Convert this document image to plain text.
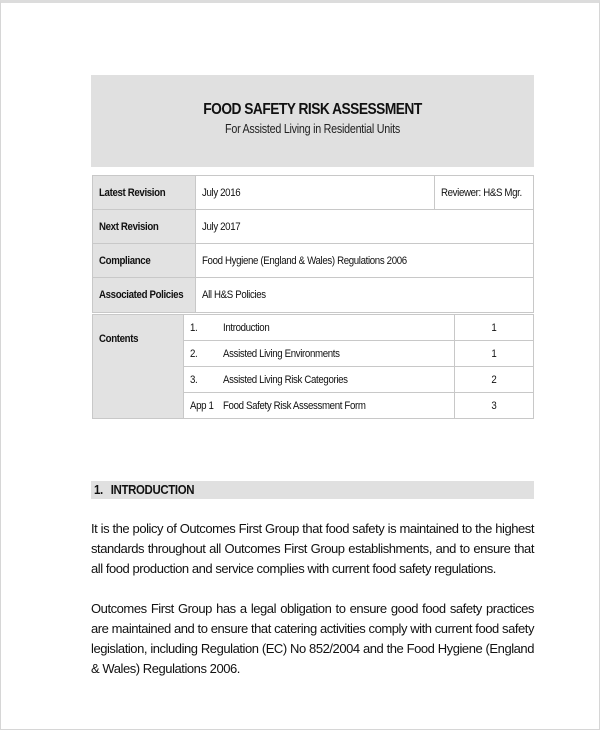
FOOD SAFETY RISK ASSESSMENT
For Assisted Living in Residential Units
Latest Revision	July 2016	Reviewer: H&S Mgr.
Next Revision	July 2017	
Compliance	Food Hygiene (England & Wales) Regulations 2006	
Associated Policies	All H&S Policies	
Contents	1.	Introduction	1
	2.	Assisted Living Environments	1
	3.	Assisted Living Risk Categories	2
	App 1	Food Safety Risk Assessment Form	3
1. INTRODUCTION
It is the policy of Outcomes First Group that food safety is maintained to the highest standards throughout all Outcomes First Group establishments, and to ensure that all food production and service complies with current food safety regulations.
Outcomes First Group has a legal obligation to ensure good food safety practices are maintained and to ensure that catering activities comply with current food safety legislation, including Regulation (EC) No 852/2004 and the Food Hygiene (England & Wales) Regulations 2006.
